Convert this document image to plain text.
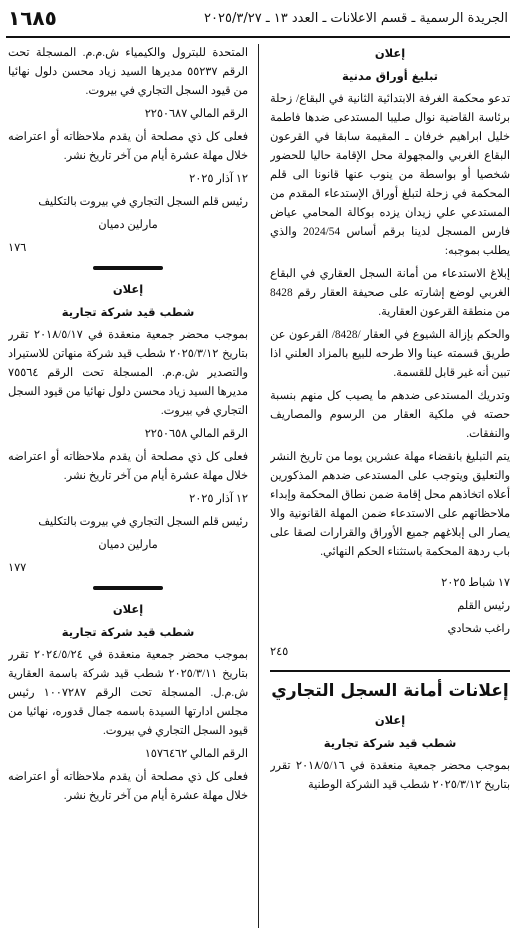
الجريدة الرسمية ـ قسم الاعلانات ـ العدد ١٣ ـ ٢٠٢٥/٣/٢٧
١٦٨٥
إعلان
تبليغ أوراق مدنية

تدعو محكمة الغرفة الابتدائية الثانية في البقاع/ زحلة برئاسة القاضية نوال صليبا المستدعى ضدها فاطمة خليل ابراهيم خرفان ـ المقيمة سابقا في القرعون البقاع الغربي والمجهولة محل الإقامة حاليا للحضور شخصيا أو بواسطة من ينوب عنها قانونا الى قلم المحكمة في زحلة لتبلغ أوراق الإستدعاء المقدم من المستدعي علي زيدان يزده بوكالة المحامي عياض فارس المسجل لدينا برقم أساس 2024/54 والذي يطلب بموجبه:

إبلاغ الاستدعاء من أمانة السجل العقاري في البقاع الغربي لوضع إشارته على صحيفة العقار رقم 8428 من منطقة القرعون العقارية.

والحكم بإزالة الشيوع في العقار /8428/ القرعون عن طريق قسمته عينا والا طرحه للبيع بالمزاد العلني اذا تبين أنه غير قابل للقسمة.

وتدريك المستدعى ضدهم ما يصيب كل منهم بنسبة حصته في ملكية العقار من الرسوم والمصاريف والنفقات.

يتم التبليغ بانقضاء مهلة عشرين يوما من تاريخ النشر والتعليق ويتوجب على المستدعى ضدهم المذكورين أعلاه اتخاذهم محل إقامة ضمن نطاق المحكمة وإبداء ملاحظاتهم على الاستدعاء ضمن المهلة القانونية والا يصار الى إبلاغهم جميع الأوراق والقرارات لصقا على باب ردهة المحكمة باستثناء الحكم النهائي.

١٧ شباط ٢٠٢٥

رئيس القلم

راغب شحادي

٢٤٥
إعلانات أمانة السجل التجاري
إعلان
شطب قيد شركة تجارية

بموجب محضر جمعية منعقدة في ٢٠١٨/٥/١٦ تقرر بتاريخ ٢٠٢٥/٣/١٢ شطب قيد الشركة الوطنية

المتحدة للبترول والكيمياء ش.م.م. المسجلة تحت الرقم ٥٥٢٣٧ مديرها السيد زياد محسن دلول نهائيا من قيود السجل التجاري في بيروت.

الرقم المالي ٢٢٥٠٦٨٧

فعلى كل ذي مصلحة أن يقدم ملاحظاته أو اعتراضه خلال مهلة عشرة أيام من آخر تاريخ نشر.

١٢ آذار ٢٠٢٥

رئيس قلم السجل التجاري في بيروت بالتكليف

مارلين دميان

١٧٦
إعلان
شطب قيد شركة تجارية

بموجب محضر جمعية منعقدة في ٢٠١٨/٥/١٧ تقرر بتاريخ ٢٠٢٥/٣/١٢ شطب قيد شركة منهاتن للاستيراد والتصدير ش.م.م. المسجلة تحت الرقم ٧٥٥٦٤ مديرها السيد زياد محسن دلول نهائيا من قيود السجل التجاري في بيروت.

الرقم المالي ٢٢٥٠٦٥٨

فعلى كل ذي مصلحة أن يقدم ملاحظاته أو اعتراضه خلال مهلة عشرة أيام من آخر تاريخ نشر.

١٢ آذار ٢٠٢٥

رئيس قلم السجل التجاري في بيروت بالتكليف

مارلين دميان

١٧٧
إعلان
شطب قيد شركة تجارية

بموجب محضر جمعية منعقدة في ٢٠٢٤/٥/٢٤ تقرر بتاريخ ٢٠٢٥/٣/١١ شطب قيد شركة باسمة العقارية ش.م.ل. المسجلة تحت الرقم ١٠٠٧٢٨٧ رئيس مجلس ادارتها السيدة باسمه جمال قدوره، نهائيا من قيود السجل التجاري في بيروت.

الرقم المالي ١٥٧٦٤٦٢

فعلى كل ذي مصلحة أن يقدم ملاحظاته أو اعتراضه خلال مهلة عشرة أيام من آخر تاريخ نشر.
